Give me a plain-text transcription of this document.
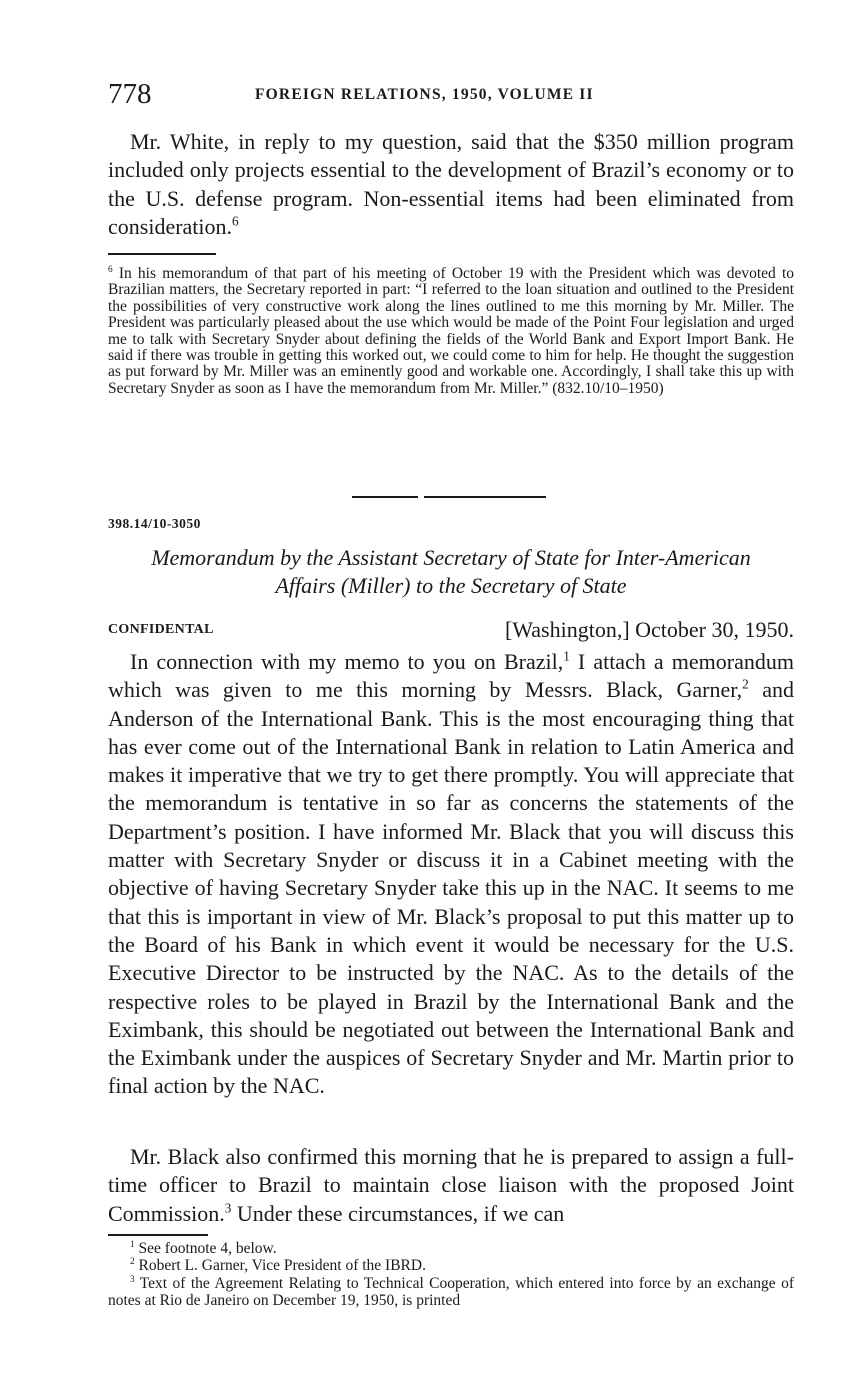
778	FOREIGN RELATIONS, 1950, VOLUME II

Mr. White, in reply to my question, said that the $350 million program included only projects essential to the development of Brazil’s economy or to the U.S. defense program. Non-essential items had been eliminated from consideration.$^6$

$^6$ In his memorandum of that part of his meeting of October 19 with the President which was devoted to Brazilian matters, the Secretary reported in part: “I referred to the loan situation and outlined to the President the possibilities of very constructive work along the lines outlined to me this morning by Mr. Miller. The President was particularly pleased about the use which would be made of the Point Four legislation and urged me to talk with Secretary Snyder about defining the fields of the World Bank and Export Import Bank. He said if there was trouble in getting this worked out, we could come to him for help. He thought the suggestion as put forward by Mr. Miller was an eminently good and workable one. Accordingly, I shall take this up with Secretary Snyder as soon as I have the memorandum from Mr. Miller.” (832.10/10–1950)

398.14/10-3050

Memorandum by the Assistant Secretary of State for Inter-American
Affairs (Miller) to the Secretary of State

CONFIDENTAL	[Washington,] October 30, 1950.

In connection with my memo to you on Brazil,$^1$ I attach a memorandum which was given to me this morning by Messrs. Black, Garner,$^2$ and Anderson of the International Bank. This is the most encouraging thing that has ever come out of the International Bank in relation to Latin America and makes it imperative that we try to get there promptly. You will appreciate that the memorandum is tentative in so far as concerns the statements of the Department’s position. I have informed Mr. Black that you will discuss this matter with Secretary Snyder or discuss it in a Cabinet meeting with the objective of having Secretary Snyder take this up in the NAC. It seems to me that this is important in view of Mr. Black’s proposal to put this matter up to the Board of his Bank in which event it would be necessary for the U.S. Executive Director to be instructed by the NAC. As to the details of the respective roles to be played in Brazil by the International Bank and the Eximbank, this should be negotiated out between the International Bank and the Eximbank under the auspices of Secretary Snyder and Mr. Martin prior to final action by the NAC.

Mr. Black also confirmed this morning that he is prepared to assign a full-time officer to Brazil to maintain close liaison with the proposed Joint Commission.$^3$ Under these circumstances, if we can

$^1$ See footnote 4, below.

$^2$ Robert L. Garner, Vice President of the IBRD.

$^3$ Text of the Agreement Relating to Technical Cooperation, which entered into force by an exchange of notes at Rio de Janeiro on December 19, 1950, is printed
